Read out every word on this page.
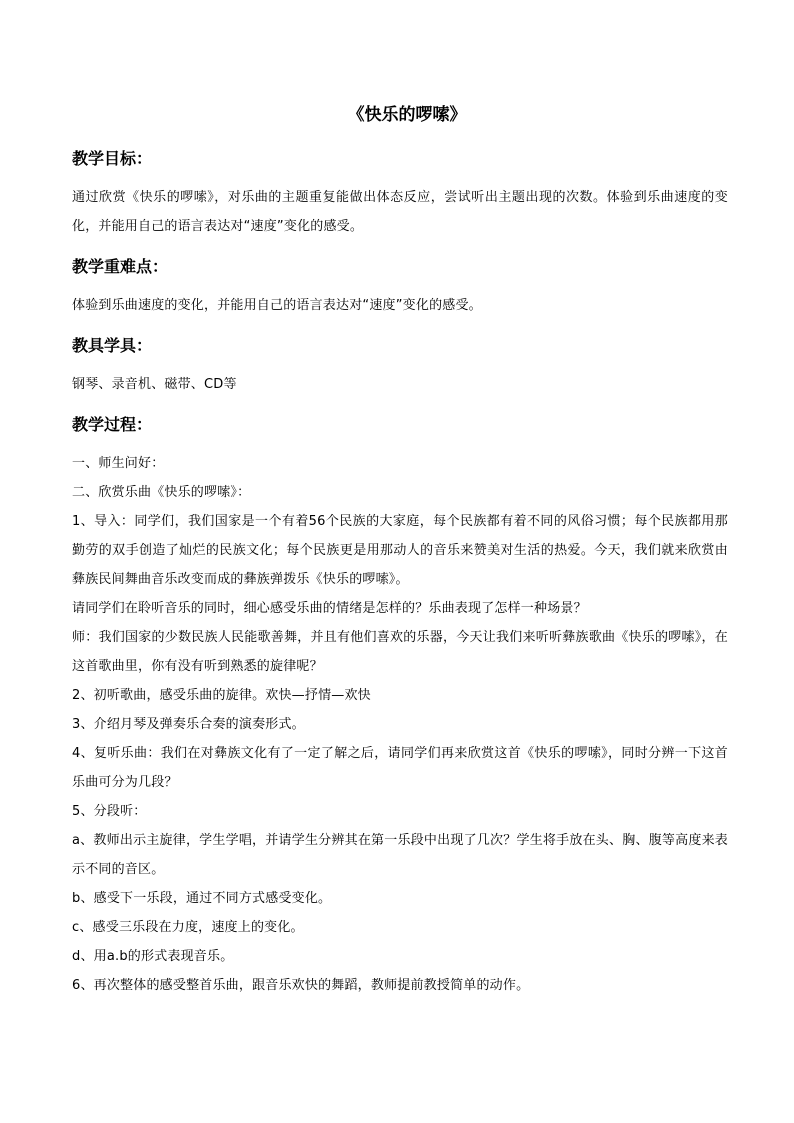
《快乐的啰嗦》
教学目标：

通过欣赏《快乐的啰嗦》，对乐曲的主题重复能做出体态反应，尝试听出主题出现的次数。体验到乐曲速度的变化，并能用自己的语言表达对“速度”变化的感受。

教学重难点：

体验到乐曲速度的变化，并能用自己的语言表达对“速度”变化的感受。

教具学具：

钢琴、录音机、磁带、CD等

教学过程：

一、师生问好：

二、欣赏乐曲《快乐的啰嗦》：

1、导入：同学们，我们国家是一个有着56个民族的大家庭，每个民族都有着不同的风俗习惯；每个民族都用那勤劳的双手创造了灿烂的民族文化；每个民族更是用那动人的音乐来赞美对生活的热爱。今天，我们就来欣赏由彝族民间舞曲音乐改变而成的彝族弹拨乐《快乐的啰嗦》。

请同学们在聆听音乐的同时，细心感受乐曲的情绪是怎样的？乐曲表现了怎样一种场景？

师：我们国家的少数民族人民能歌善舞，并且有他们喜欢的乐器，今天让我们来听听彝族歌曲《快乐的啰嗦》，在这首歌曲里，你有没有听到熟悉的旋律呢？

2、初听歌曲，感受乐曲的旋律。欢快—抒情—欢快

3、介绍月琴及弹奏乐合奏的演奏形式。

4、复听乐曲：我们在对彝族文化有了一定了解之后，请同学们再来欣赏这首《快乐的啰嗦》，同时分辨一下这首乐曲可分为几段？

5、分段听：

a、教师出示主旋律，学生学唱，并请学生分辨其在第一乐段中出现了几次？学生将手放在头、胸、腹等高度来表示不同的音区。

b、感受下一乐段，通过不同方式感受变化。

c、感受三乐段在力度，速度上的变化。

d、用a.b的形式表现音乐。

6、再次整体的感受整首乐曲，跟音乐欢快的舞蹈，教师提前教授简单的动作。
